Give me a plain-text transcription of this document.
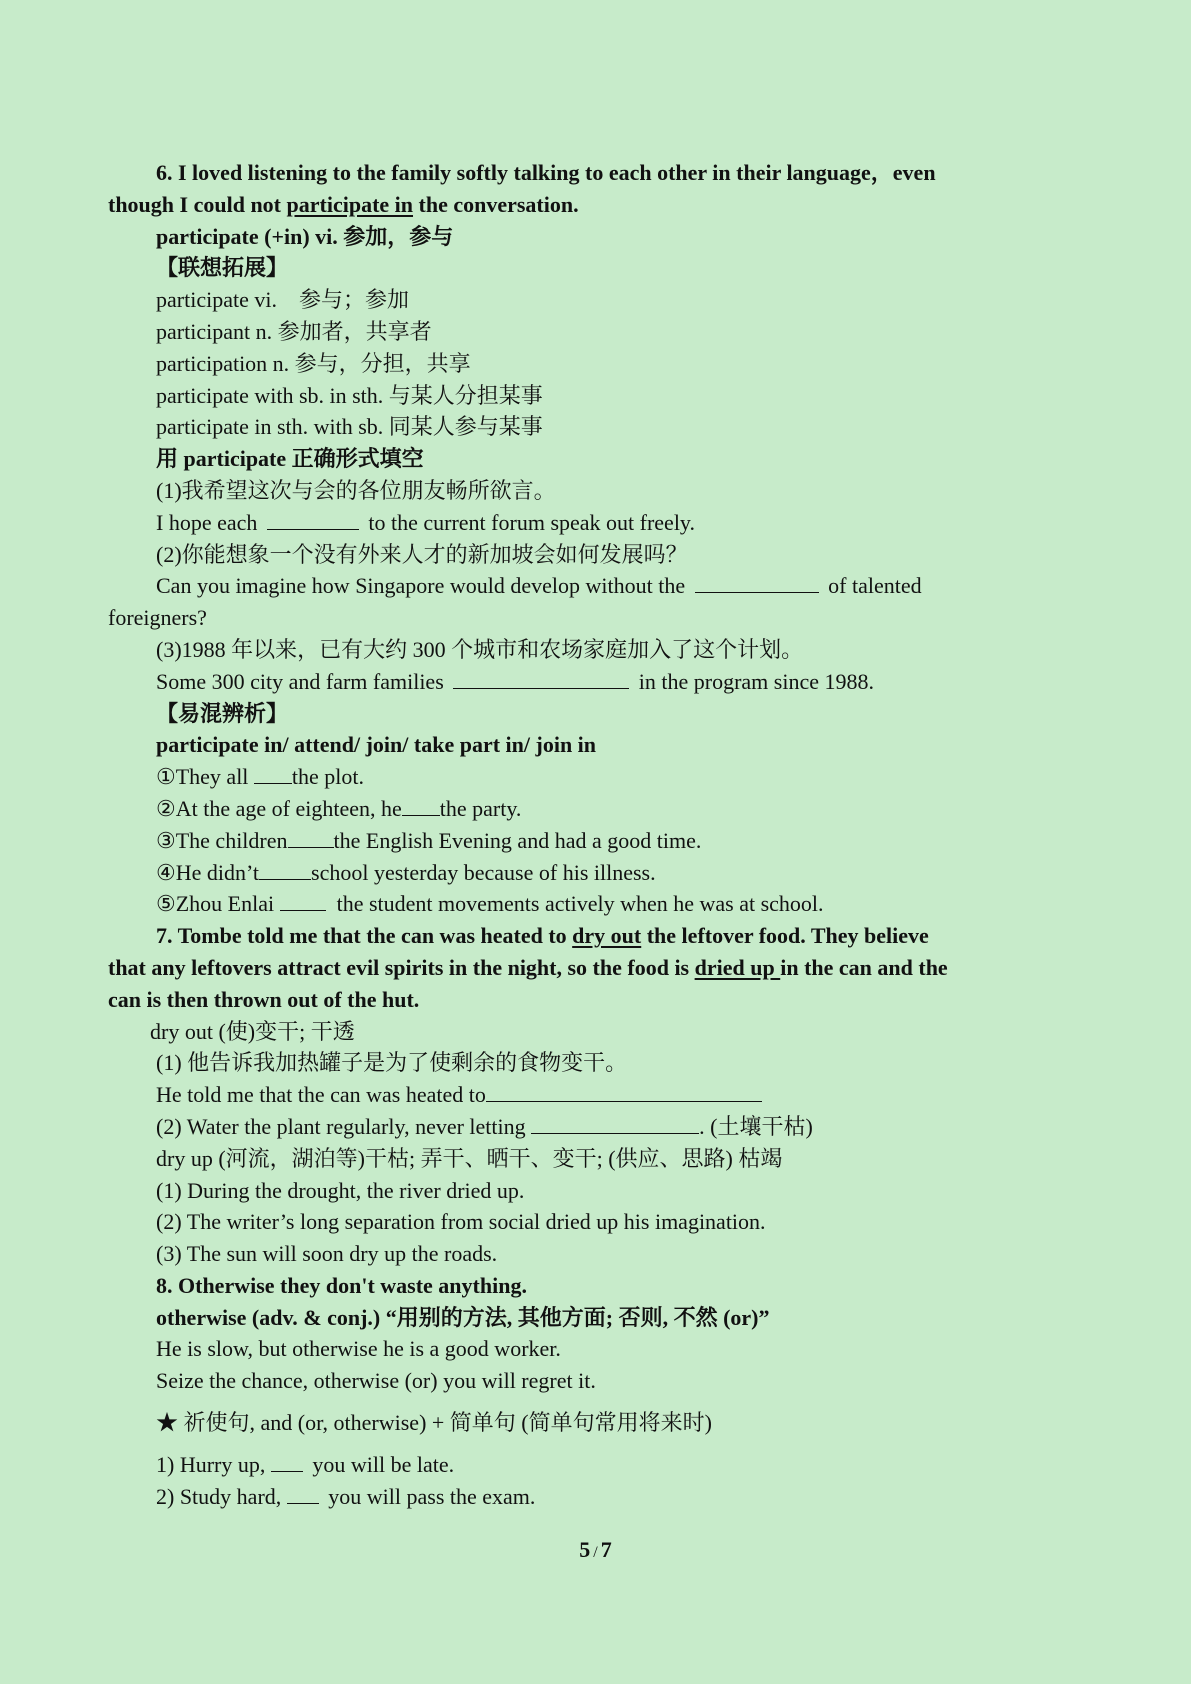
6. I loved listening to the family softly talking to each other in their language，even
though I could not participate in the conversation.
participate (+in) vi. 参加，参与
【联想拓展】
participate vi.    参与；参加
participant n. 参加者，共享者
participation n. 参与，分担，共享
participate with sb. in sth. 与某人分担某事
participate in sth. with sb. 同某人参与某事
用 participate 正确形式填空
(1)我希望这次与会的各位朋友畅所欲言。
I hope each	to the current forum speak out freely.
(2)你能想象一个没有外来人才的新加坡会如何发展吗？
Can you imagine how Singapore would develop without the	of talented
foreigners?
(3)1988 年以来，已有大约 300 个城市和农场家庭加入了这个计划。
Some 300 city and farm families	in the program since 1988.
【易混辨析】
participate in/ attend/ join/ take part in/ join in
①They all the plot.
②At the age of eighteen, he the party.
③The children the English Evening and had a good time.
④He didn’t school yesterday because of his illness.
⑤Zhou Enlai   the student movements actively when he was at school.
7. Tombe told me that the can was heated to dry out the leftover food. They believe
that any leftovers attract evil spirits in the night, so the food is dried up in the can and the
can is then thrown out of the hut.
dry out (使)变干; 干透
(1) 他告诉我加热罐子是为了使剩余的食物变干。
He told me that the can was heated to
(2) Water the plant regularly, never letting	. (土壤干枯)
dry up (河流，湖泊等)干枯; 弄干、晒干、变干; (供应、思路) 枯竭
(1) During the drought, the river dried up.
(2) The writer’s long separation from social dried up his imagination.
(3) The sun will soon dry up the roads.
8. Otherwise they don't waste anything.
otherwise (adv. & conj.) “用别的方法, 其他方面; 否则, 不然 (or)”
He is slow, but otherwise he is a good worker.
Seize the chance, otherwise (or) you will regret it.
★ 祈使句, and (or, otherwise) + 简单句 (简单句常用将来时)
1) Hurry up,  you will be late.
2) Study hard,  you will pass the exam.
5 / 7
